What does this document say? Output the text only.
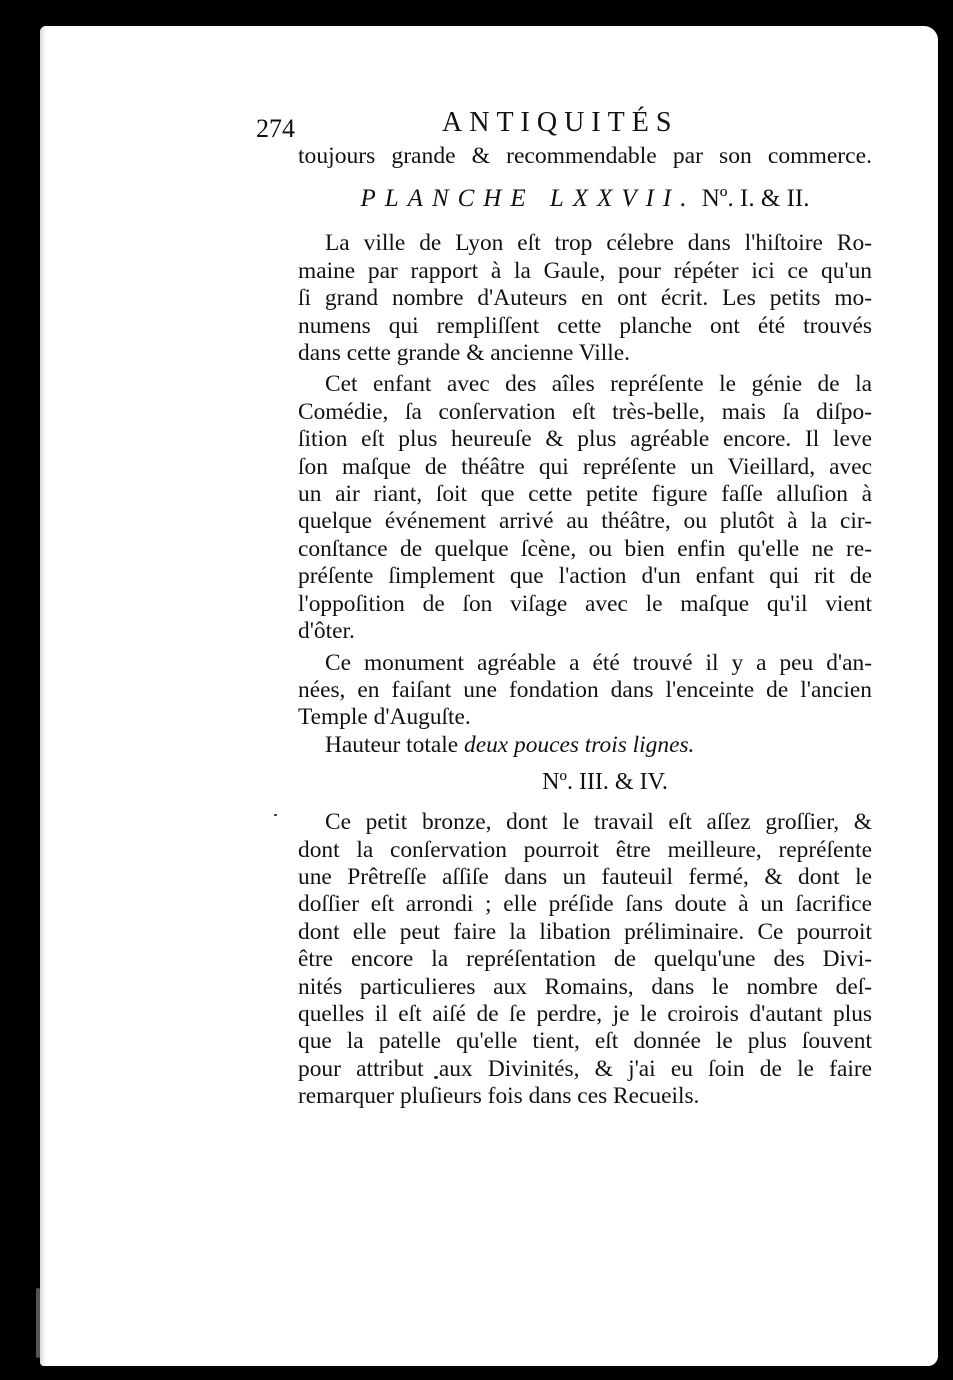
274	ANTIQUITÉS
toujours grande & recommendable par son commerce.
PLANCHE LXXVII. Nº. I. & II.
La ville de Lyon eſt trop célebre dans l'hiſtoire Ro-
maine par rapport à la Gaule, pour répéter ici ce qu'un
ſi grand nombre d'Auteurs en ont écrit. Les petits mo-
numens qui rempliſſent cette planche ont été trouvés
dans cette grande & ancienne Ville.
Cet enfant avec des aîles repréſente le génie de la
Comédie, ſa conſervation eſt très-belle, mais ſa diſpo-
ſition eſt plus heureuſe & plus agréable encore. Il leve
ſon maſque de théâtre qui repréſente un Vieillard, avec
un air riant, ſoit que cette petite figure faſſe alluſion à
quelque événement arrivé au théâtre, ou plutôt à la cir-
conſtance de quelque ſcène, ou bien enfin qu'elle ne re-
préſente ſimplement que l'action d'un enfant qui rit de
l'oppoſition de ſon viſage avec le maſque qu'il vient
d'ôter.
Ce monument agréable a été trouvé il y a peu d'an-
nées, en faiſant une fondation dans l'enceinte de l'ancien
Temple d'Auguſte.
Hauteur totale deux pouces trois lignes.
Nº. III. & IV.
Ce petit bronze, dont le travail eſt aſſez groſſier, &
dont la conſervation pourroit être meilleure, repréſente
une Prêtreſſe aſſiſe dans un fauteuil fermé, & dont le
doſſier eſt arrondi ; elle préſide ſans doute à un ſacrifice
dont elle peut faire la libation préliminaire. Ce pourroit
être encore la repréſentation de quelqu'une des Divi-
nités particulieres aux Romains, dans le nombre deſ-
quelles il eſt aiſé de ſe perdre, je le croirois d'autant plus
que la patelle qu'elle tient, eſt donnée le plus ſouvent
pour attribut aux Divinités, & j'ai eu ſoin de le faire
remarquer pluſieurs fois dans ces Recueils.
